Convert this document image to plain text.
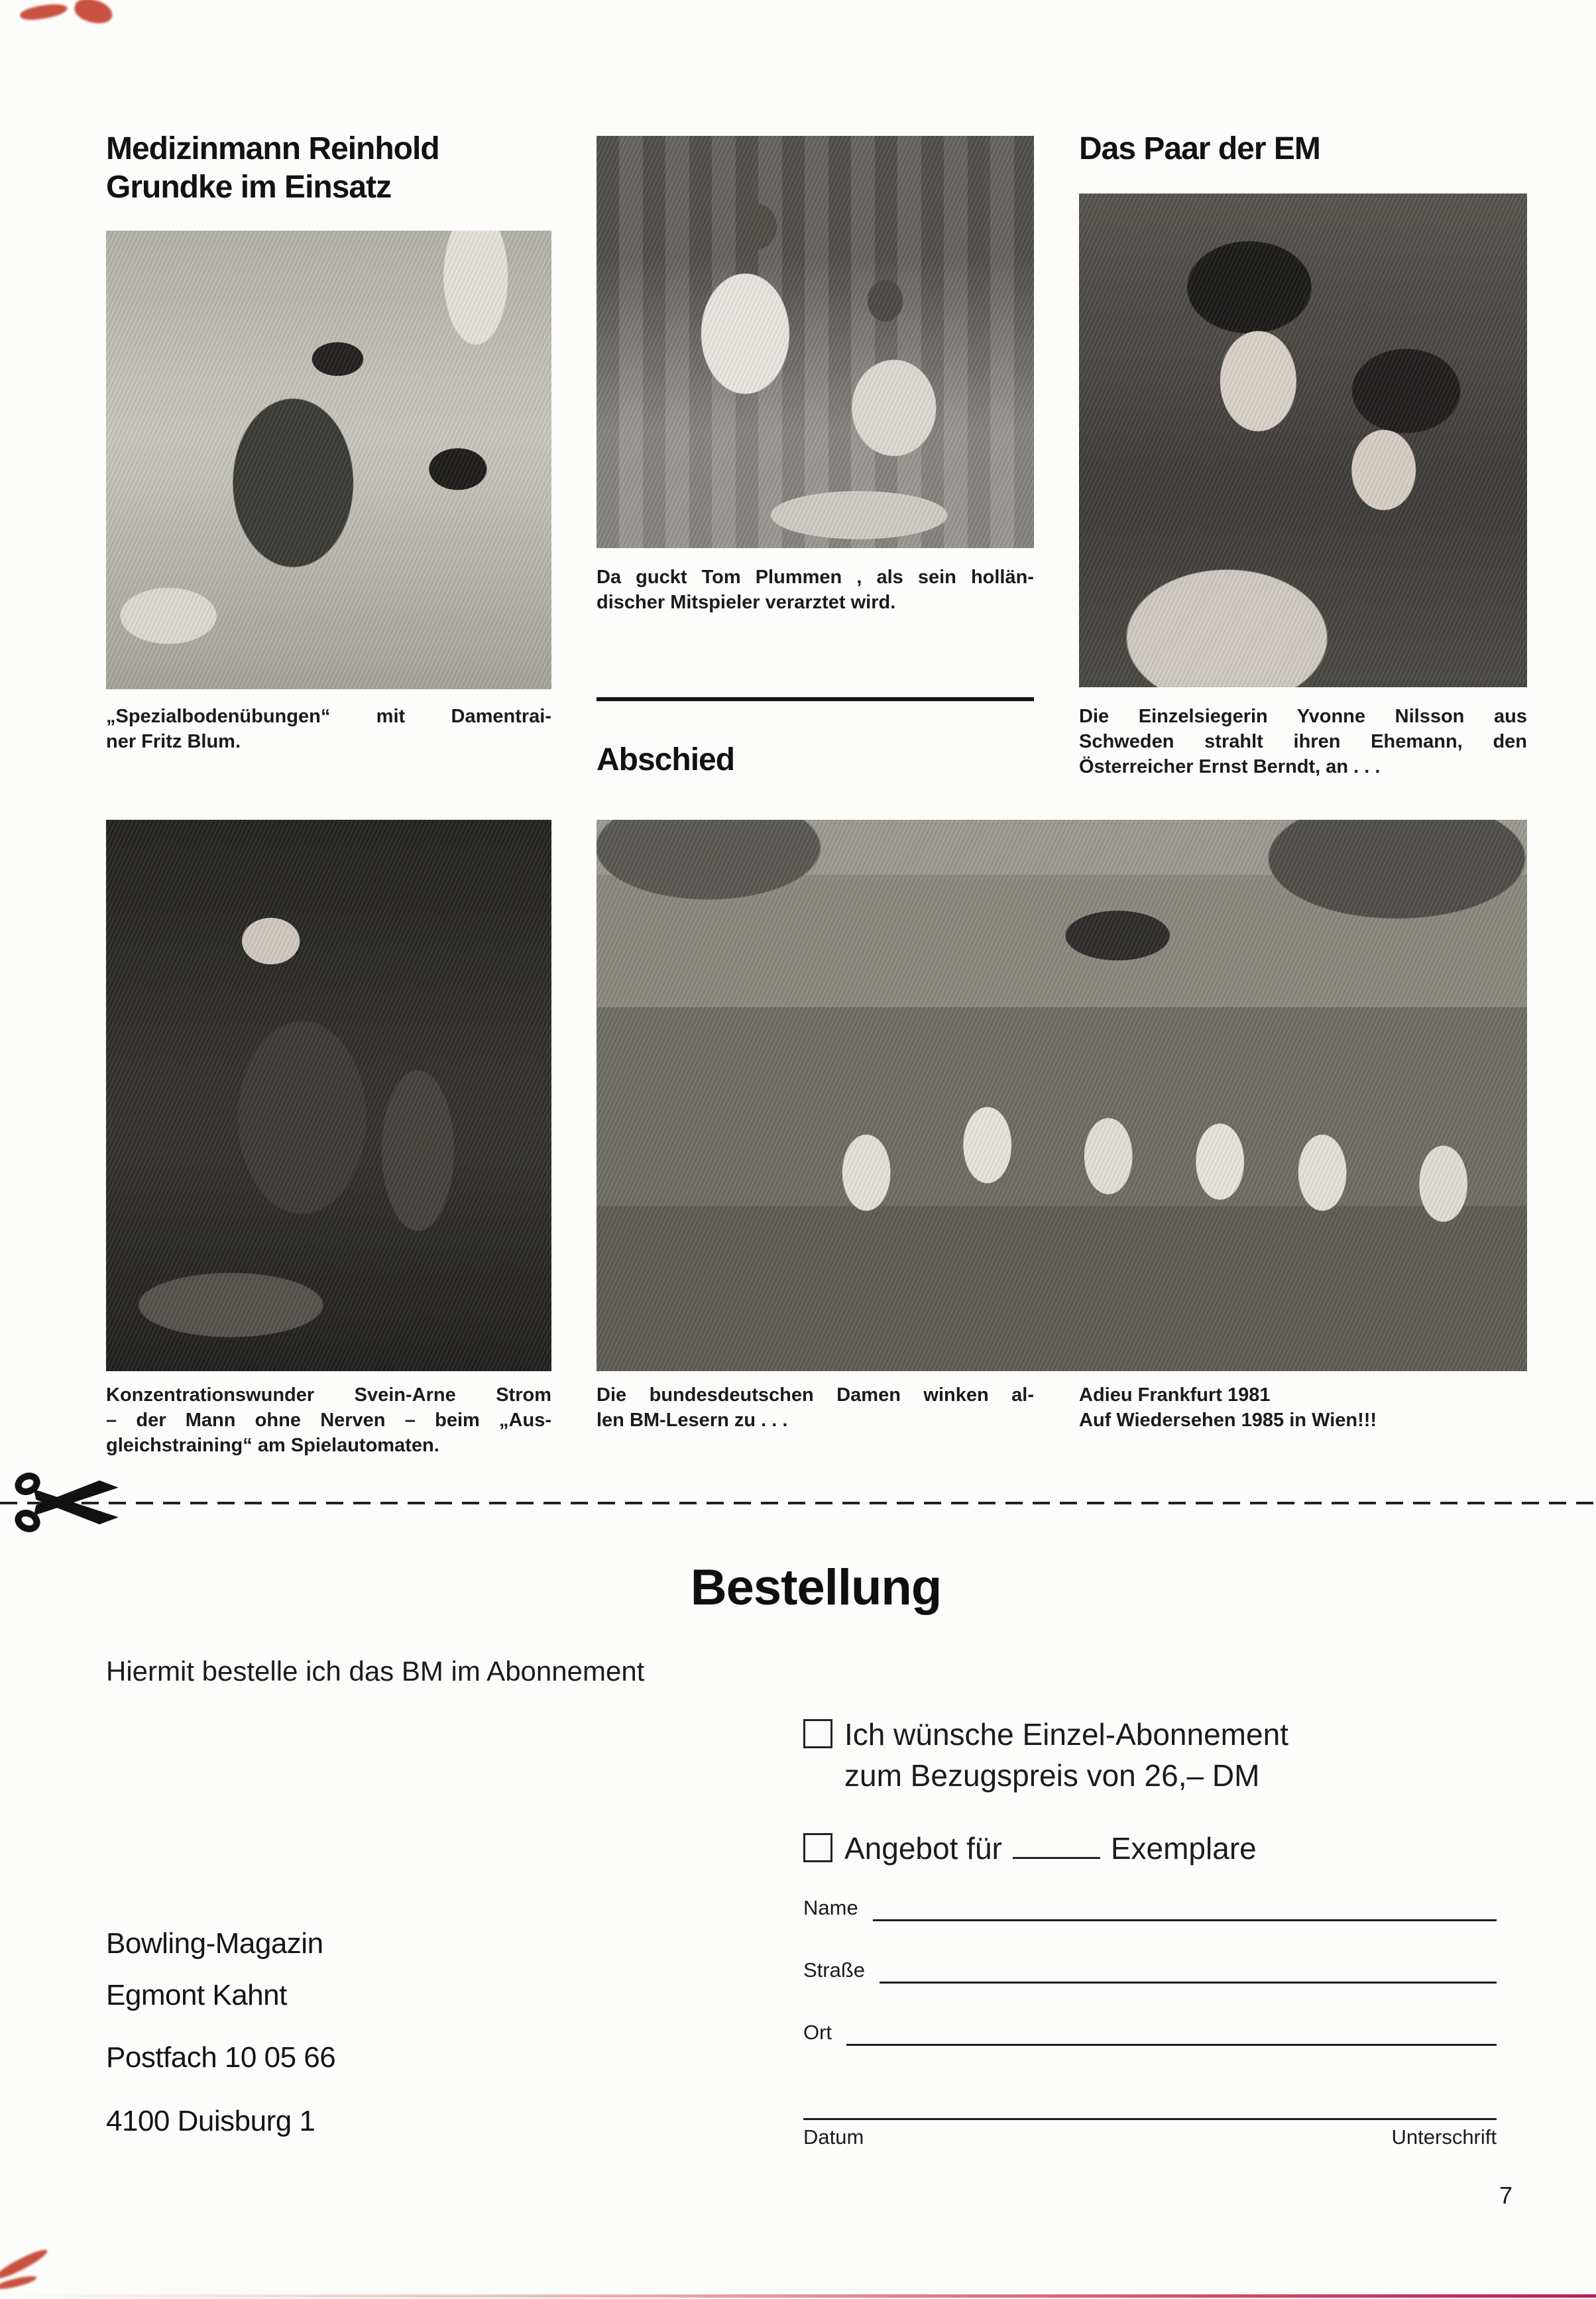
Medizinmann Reinhold
Grundke im Einsatz
„Spezialbodenübungen“ mit Damentrai-
ner Fritz Blum.
Da guckt Tom Plummen , als sein hollän-
discher Mitspieler verarztet wird.
Abschied
Das Paar der EM
Die Einzelsiegerin Yvonne Nilsson aus
Schweden strahlt ihren Ehemann, den
Österreicher Ernst Berndt, an . . .
Konzentrationswunder Svein-Arne Strom
– der Mann ohne Nerven – beim „Aus-
gleichstraining“ am Spielautomaten.
Die bundesdeutschen Damen winken al-
len BM-Lesern zu . . .
Adieu Frankfurt 1981
Auf Wiedersehen 1985 in Wien!!!
Bestellung
Hiermit bestelle ich das BM im Abonnement
Ich wünsche Einzel-Abonnement
zum Bezugspreis von 26,– DM
Angebot für	Exemplare
Name
Straße
Ort
Bowling-Magazin
Egmont Kahnt
Postfach 10 05 66
4100 Duisburg 1	Datum	Unterschrift
7
